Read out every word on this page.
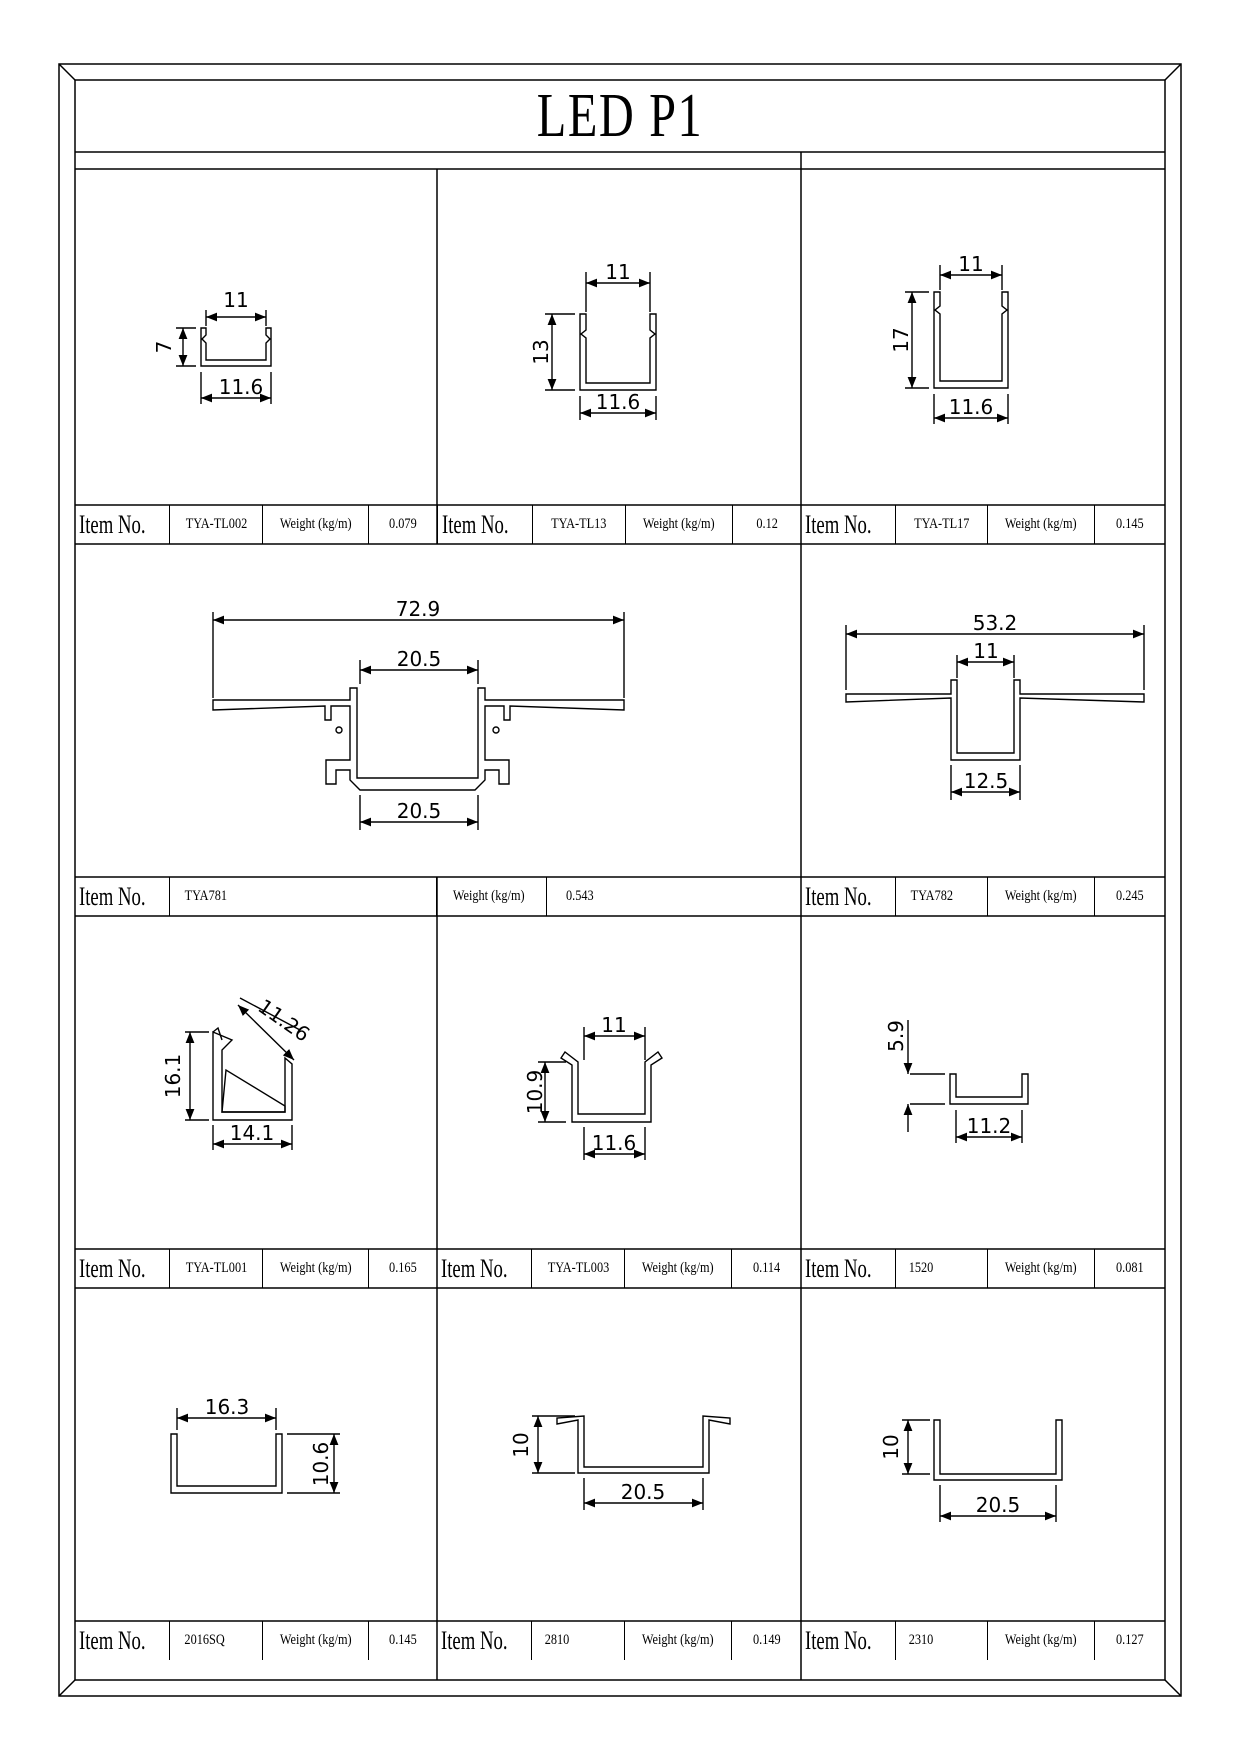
LED P1
11
7
11.6
11
13
11.6
11
17
11.6
72.9
20.5
20.5
53.2
11
12.5
11.26
16.1
14.1
11
10.9
11.6
5.9
11.2
16.3
10.6	10
20.5
10
20.5
Item No.	TYA-TL002 Weight (kg/m)	0.079 Item No.	TYA-TL13 Weight (kg/m)	0.12 Item No.	TYA-TL17 Weight (kg/m)	0.145
Item No.	TYA781	Weight (kg/m)	0.543	Item No.	TYA782	Weight (kg/m)	0.245
Item No.	TYA-TL001 Weight (kg/m)	0.165 Item No.	TYA-TL003 Weight (kg/m)	0.114 Item No. 1520	Weight (kg/m)	0.081
Item No.	2016SQ	Weight (kg/m)	0.145 Item No. 2810	Weight (kg/m)	0.149 Item No. 2310	Weight (kg/m)	0.127
